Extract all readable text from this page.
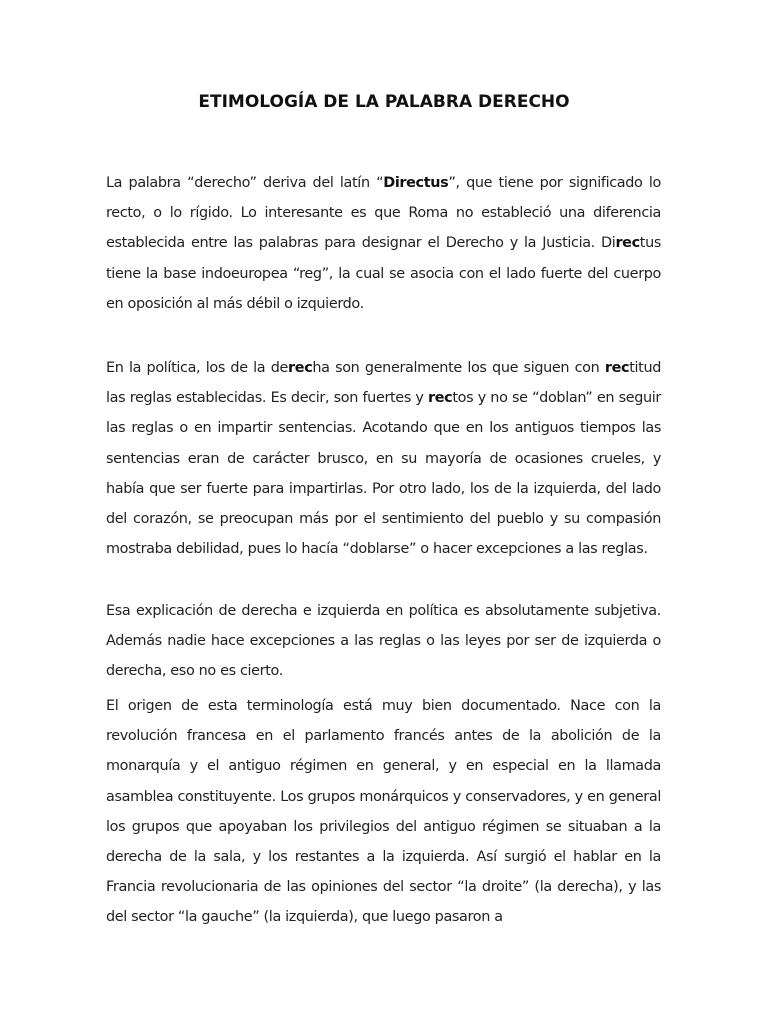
ETIMOLOGÍA DE LA PALABRA DERECHO

La palabra “derecho” deriva del latín “Directus”, que tiene por significado lo recto, o lo rígido. Lo interesante es que Roma no estableció una diferencia establecida entre las palabras para designar el Derecho y la Justicia. Directus tiene la base indoeuropea “reg”, la cual se asocia con el lado fuerte del cuerpo en oposición al más débil o izquierdo.

En la política, los de la derecha son generalmente los que siguen con rectitud las reglas establecidas. Es decir, son fuertes y rectos y no se “doblan” en seguir las reglas o en impartir sentencias. Acotando que en los antiguos tiempos las sentencias eran de carácter brusco, en su mayoría de ocasiones crueles, y había que ser fuerte para impartirlas. Por otro lado, los de la izquierda, del lado del corazón, se preocupan más por el sentimiento del pueblo y su compasión mostraba debilidad, pues lo hacía “doblarse” o hacer excepciones a las reglas.

Esa explicación de derecha e izquierda en política es absolutamente subjetiva. Además nadie hace excepciones a las reglas o las leyes por ser de izquierda o derecha, eso no es cierto.

El origen de esta terminología está muy bien documentado. Nace con la revolución francesa en el parlamento francés antes de la abolición de la monarquía y el antiguo régimen en general, y en especial en la llamada asamblea constituyente. Los grupos monárquicos y conservadores, y en general los grupos que apoyaban los privilegios del antiguo régimen se situaban a la derecha de la sala, y los restantes a la izquierda. Así surgió el hablar en la Francia revolucionaria de las opiniones del sector “la droite” (la derecha), y las del sector “la gauche” (la izquierda), que luego pasaron a
